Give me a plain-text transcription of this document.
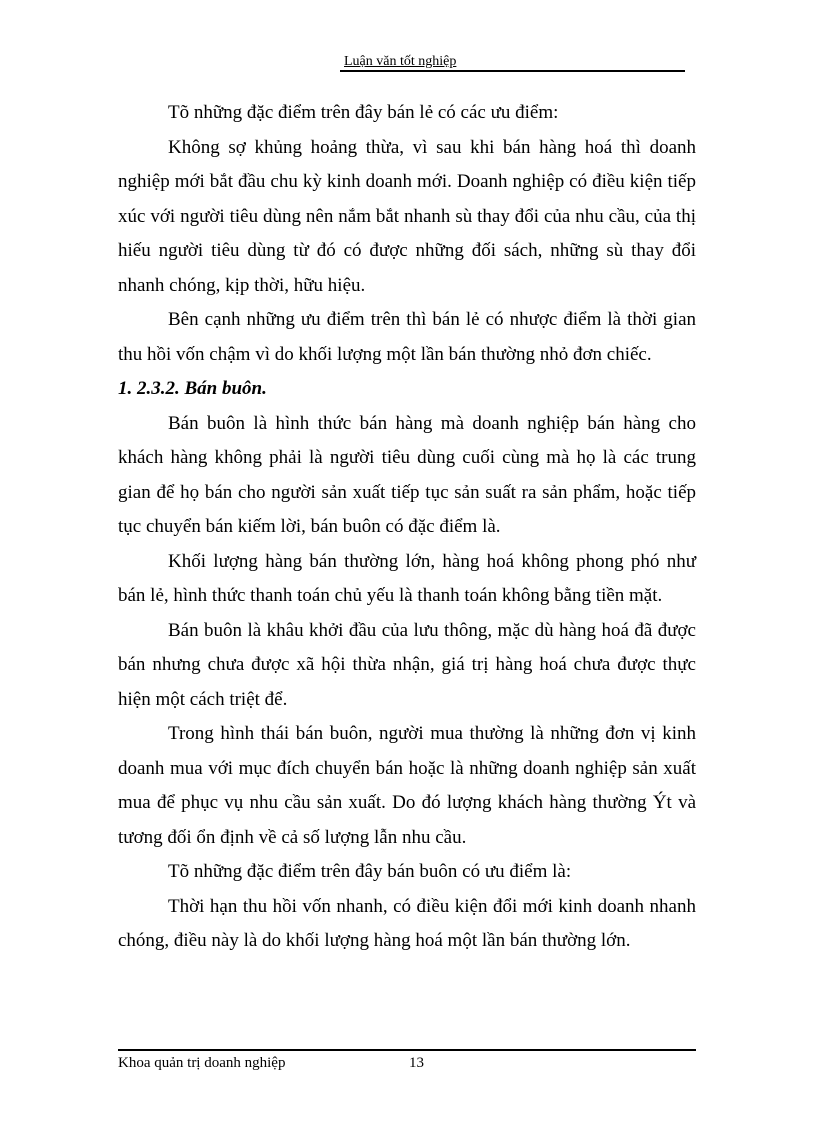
Luận văn tốt nghiệp

Tõ những đặc điểm trên đây bán lẻ có các ưu điểm:

Không sợ khủng hoảng thừa, vì sau khi bán hàng hoá thì doanh nghiệp mới bắt đầu chu kỳ kinh doanh mới. Doanh nghiệp có điều kiện tiếp xúc với người tiêu dùng nên nắm bắt nhanh sù thay đổi của nhu cầu, của thị hiếu người tiêu dùng từ đó có được những đối sách, những sù thay đổi nhanh chóng, kịp thời, hữu hiệu.

Bên cạnh những ưu điểm trên thì bán lẻ có nhược điểm là thời gian thu hồi vốn chậm vì do khối lượng một lần bán thường nhỏ đơn chiếc.

1. 2.3.2. Bán buôn.

Bán buôn là hình thức bán hàng mà doanh nghiệp bán hàng cho khách hàng không phải là người tiêu dùng cuối cùng mà họ là các trung gian để họ bán cho người sản xuất tiếp tục sản suất ra sản phẩm, hoặc tiếp tục chuyển bán kiếm lời, bán buôn có đặc điểm là.

Khối lượng hàng bán thường lớn, hàng hoá không phong phó như bán lẻ, hình thức thanh toán chủ yếu là thanh toán không bằng tiền mặt.

Bán buôn là khâu khởi đầu của lưu thông, mặc dù hàng hoá đã được bán nhưng chưa được xã hội thừa nhận, giá trị hàng hoá chưa được thực hiện một cách triệt để.

Trong hình thái bán buôn, người mua thường là những đơn vị kinh doanh mua với mục đích chuyển bán hoặc là những doanh nghiệp sản xuất mua để phục vụ nhu cầu sản xuất. Do đó lượng khách hàng thường Ýt và tương đối ổn định về cả số lượng lẫn nhu cầu.

Tõ những đặc điểm trên đây bán buôn có ưu điểm là:

Thời hạn thu hồi vốn nhanh, có điều kiện đổi mới kinh doanh nhanh chóng, điều này là do khối lượng hàng hoá một lần bán thường lớn.

Khoa quản trị doanh nghiệp	13
